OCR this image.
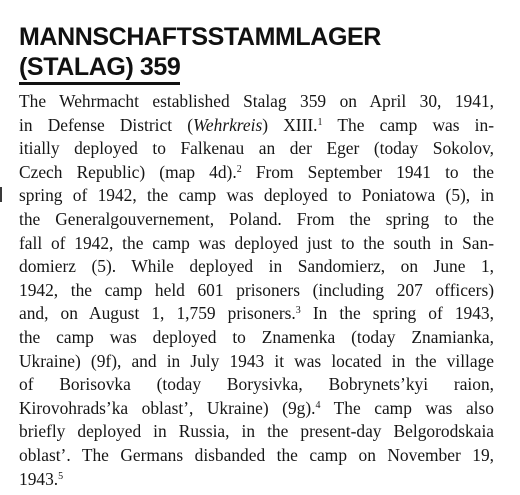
MANNSCHAFTSSTAMMLAGER
(STALAG) 359
The Wehrmacht established Stalag 359 on April 30, 1941,
in Defense District (Wehrkreis) XIII.$^1$ The camp was in-
itially deployed to Falkenau an der Eger (today Sokolov,
Czech Republic) (map 4d).$^2$ From September 1941 to the
spring of 1942, the camp was deployed to Poniatowa (5), in
the Generalgouvernement, Poland. From the spring to the
fall of 1942, the camp was deployed just to the south in San-
domierz (5). While deployed in Sandomierz, on June 1,
1942, the camp held 601 prisoners (including 207 officers)
and, on August 1, 1,759 prisoners.$^3$ In the spring of 1943,
the camp was deployed to Znamenka (today Znamianka,
Ukraine) (9f), and in July 1943 it was located in the village
of Borisovka (today Borysivka, Bobrynets’kyi raion,
Kirovohrads’ka oblast’, Ukraine) (9g).$^4$ The camp was also
briefly deployed in Russia, in the present-day Belgorodskaia
oblast’. The Germans disbanded the camp on November 19,
1943.$^5$
